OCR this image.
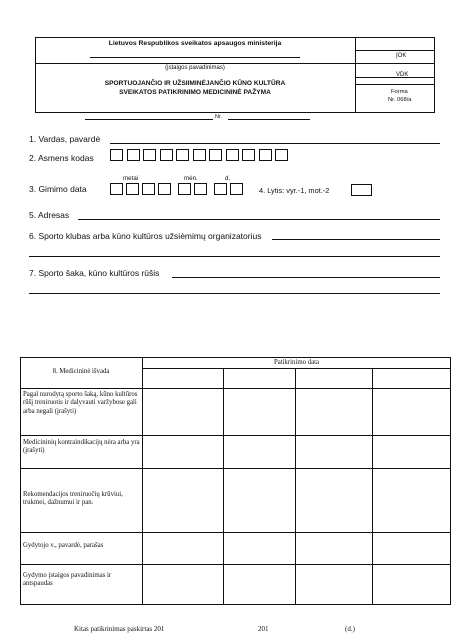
Lietuvos Respublikos sveikatos apsaugos ministerija
(įstaigos pavadinimas)
SPORTUOJANČIO IR UŽSIIMINĖJANČIO KŪNO KULTŪRA
SVEIKATOS PATIKRINIMO MEDICININĖ PAŽYMA
ĮOK
VDK
Forma
Nr. 068/a
Nr.
1. Vardas, pavardė
2. Asmens kodas
metai	mėn.	d.
3. Gimimo data	4. Lytis: vyr.-1, mot.-2
5. Adresas
6. Sporto klubas arba kūno kultūros užsiėmimų organizatorius
7. Sporto šaka, kūno kultūros rūšis
8. Medicininė išvada
Patikrinimo data
Pagal nurodytą sporto šaką, kūno kultūros rūšį treniruotis ir dalyvauti varžybose gali arba negali (įrašyti)
Medicininių kontraindikacijų nėra arba yra (įrašyti)
Rekomendacijos treniruočių krūviui, trukmei, dažnumui ir pan.
Gydytojo v., pavardė, parašas
Gydymo įstaigos pavadinimas ir antspaudas
Kitas patikrinimas paskirtas 201	201	(d.)
